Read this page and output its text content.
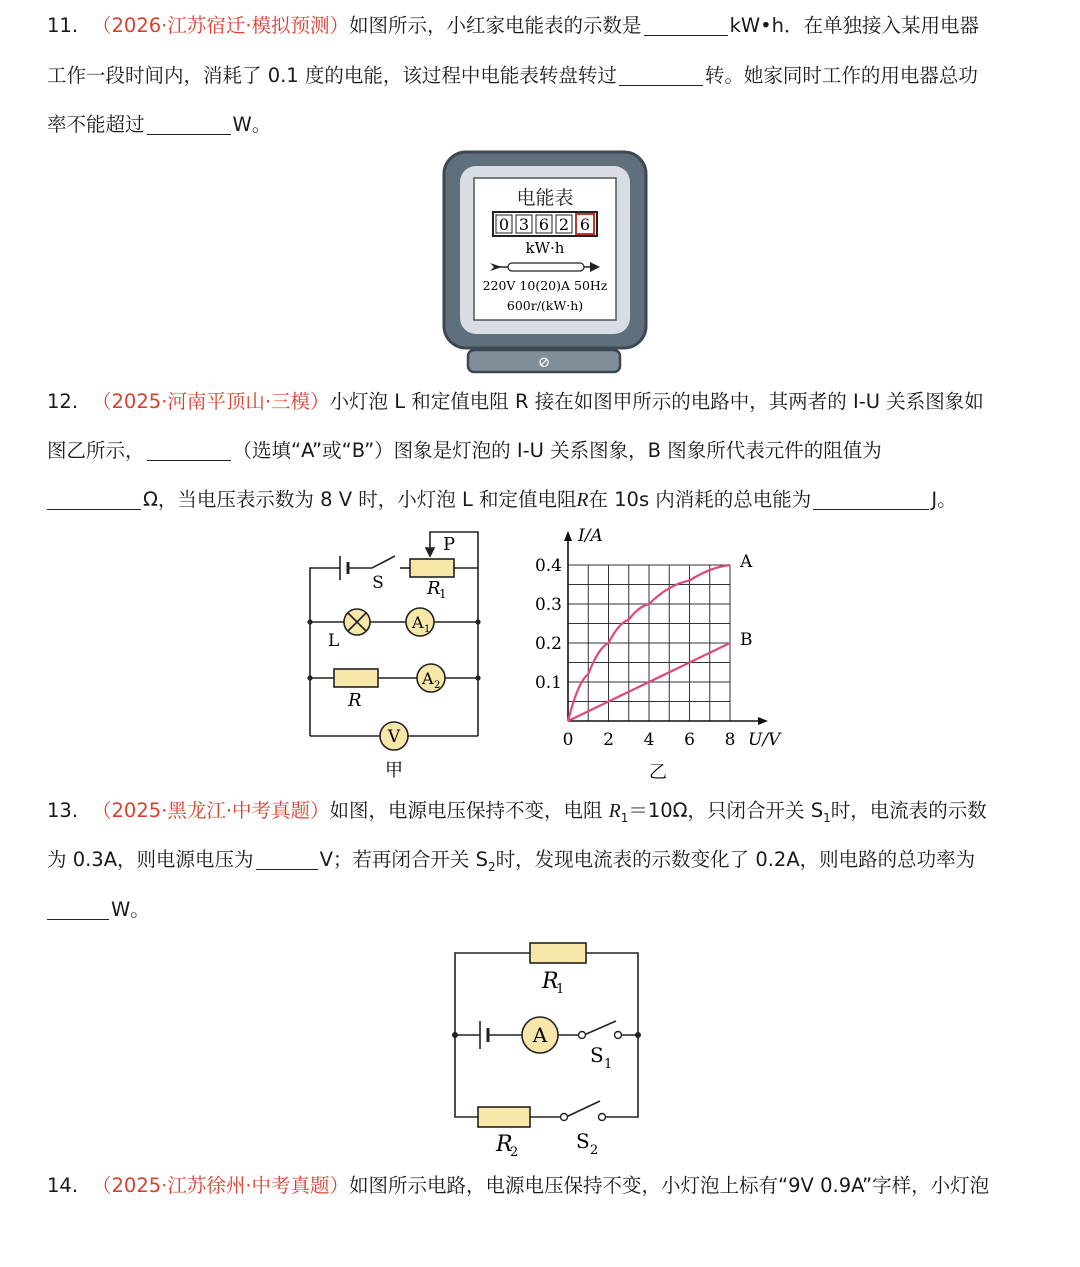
11. （2026·江苏宿迁·模拟预测）如图所示，小红家电能表的示数是	kW•h．在单独接入某用电器
工作一段时间内，消耗了 0.1 度的电能，该过程中电能表转盘转过	转。她家同时工作的用电器总功
率不能超过	W。
电能表
0 3 6 2 6
kW·h
220V 10(20)A 50Hz
600r/(kW·h)
⊘
12. （2025·河南平顶山·三模）小灯泡 L 和定值电阻 R 接在如图甲所示的电路中，其两者的 I-U 关系图象如
图乙所示，	（选填“A”或“B”）图象是灯泡的 I-U 关系图象，B 图象所代表元件的阻值为
Ω，当电压表示数为 8 V 时，小灯泡 L 和定值电阻R在 10s 内消耗的总电能为	J。
S
P
R
1
L
A 1
R
A 2
V
甲
0 2 4 6 8
0.1
0.2
0.3
0.4
I/A
U/V
A
B
乙
13. （2025·黑龙江·中考真题）如图，电源电压保持不变，电阻 $R_1=10\Omega$，只闭合开关 $S_1$时，电流表的示数
为 0.3A，则电源电压为	V；若再闭合开关 $S_2$时，发现电流表的示数变化了 0.2A，则电路的总功率为
W。
R
1
A
S 1
R
2	S 2
14. （2025·江苏徐州·中考真题）如图所示电路，电源电压保持不变，小灯泡上标有“9V 0.9A”字样，小灯泡
